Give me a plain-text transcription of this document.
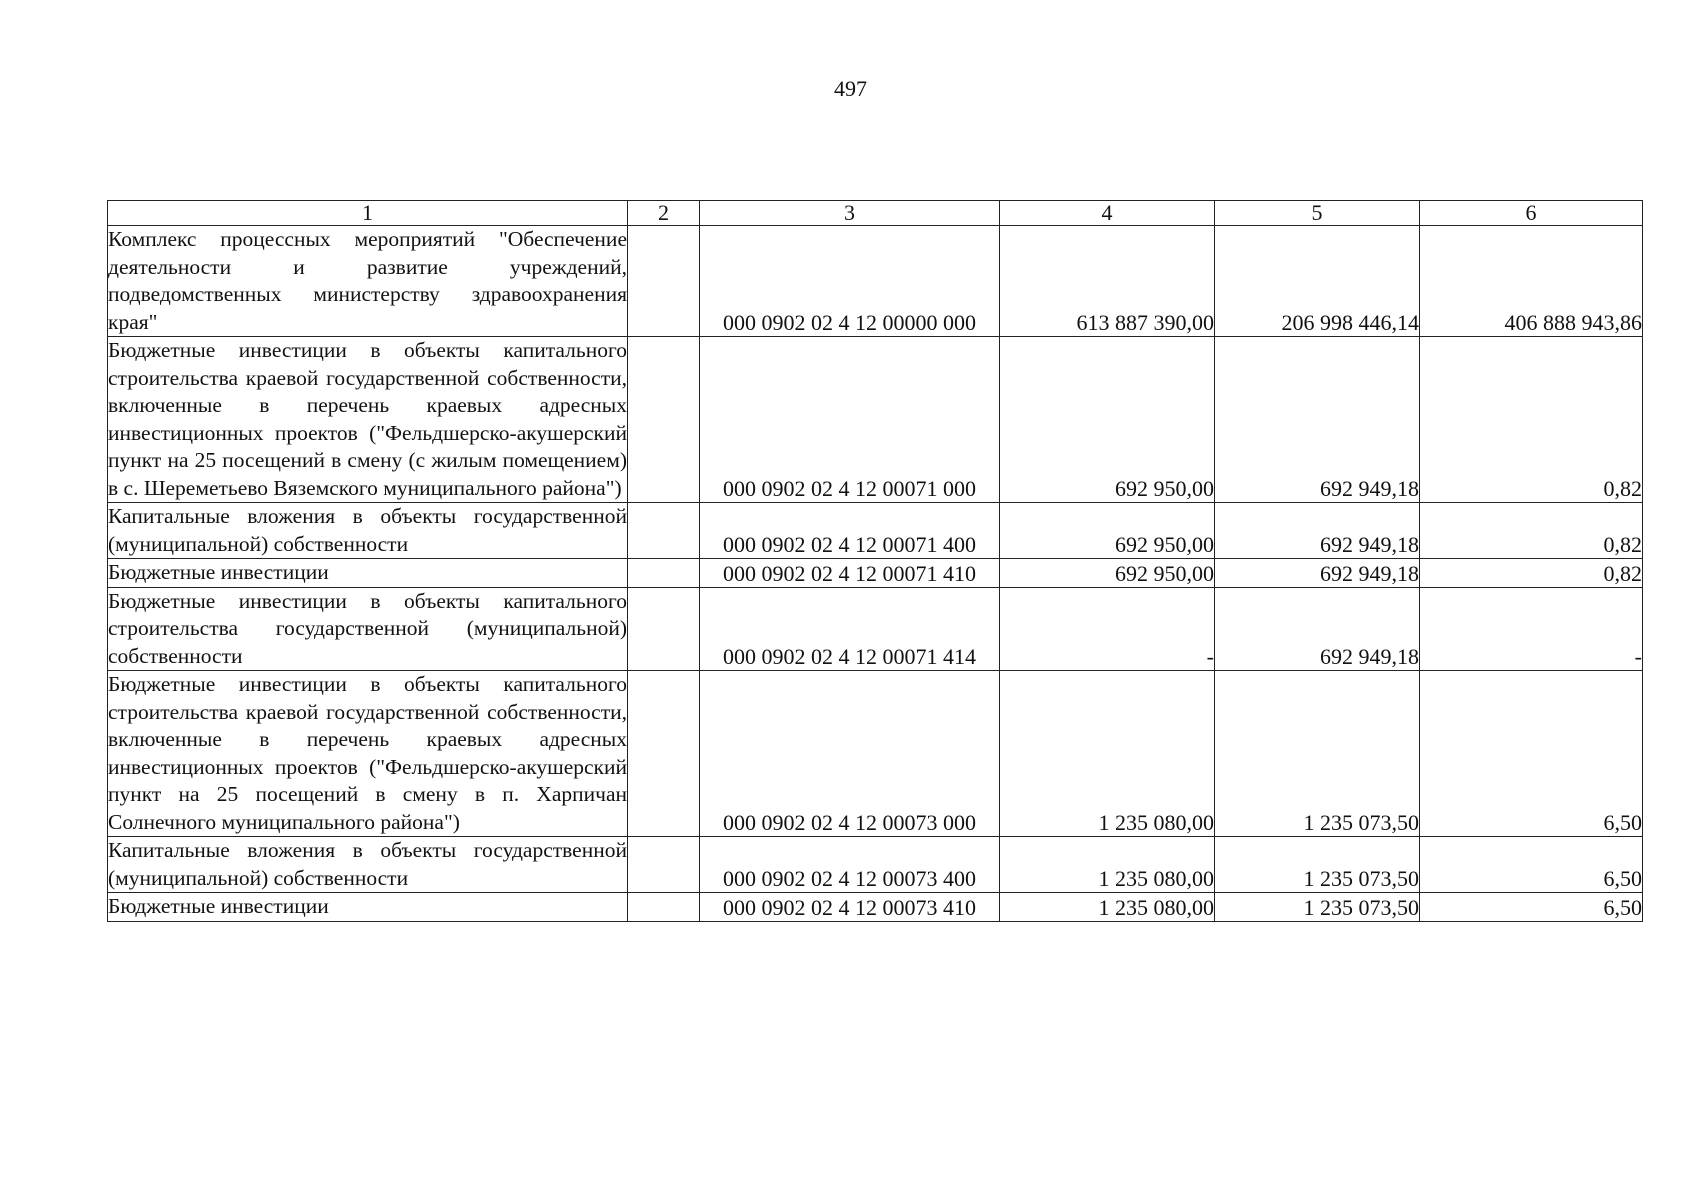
497
1	2	3	4	5	6
Комплекс процессных мероприятий "Обеспечение деятельности и развитие учреждений, подведомственных министерству здравоохранения края"		000 0902 02 4 12 00000 000	613 887 390,00	206 998 446,14	406 888 943,86
Бюджетные инвестиции в объекты капитального строительства краевой государственной собственности, включенные в перечень краевых адресных инвестиционных проектов ("Фельдшерско-акушерский пункт на 25 посещений в смену (с жилым помещением) в с. Шереметьево Вяземского муниципального района")		000 0902 02 4 12 00071 000	692 950,00	692 949,18	0,82
Капитальные вложения в объекты государственной (муниципальной) собственности		000 0902 02 4 12 00071 400	692 950,00	692 949,18	0,82
Бюджетные инвестиции		000 0902 02 4 12 00071 410	692 950,00	692 949,18	0,82
Бюджетные инвестиции в объекты капитального строительства государственной (муниципальной) собственности		000 0902 02 4 12 00071 414	-	692 949,18	-
Бюджетные инвестиции в объекты капитального строительства краевой государственной собственности, включенные в перечень краевых адресных инвестиционных проектов ("Фельдшерско-акушерский пункт на 25 посещений в смену в п. Харпичан Солнечного муниципального района")		000 0902 02 4 12 00073 000	1 235 080,00	1 235 073,50	6,50
Капитальные вложения в объекты государственной (муниципальной) собственности		000 0902 02 4 12 00073 400	1 235 080,00	1 235 073,50	6,50
Бюджетные инвестиции		000 0902 02 4 12 00073 410	1 235 080,00	1 235 073,50	6,50
